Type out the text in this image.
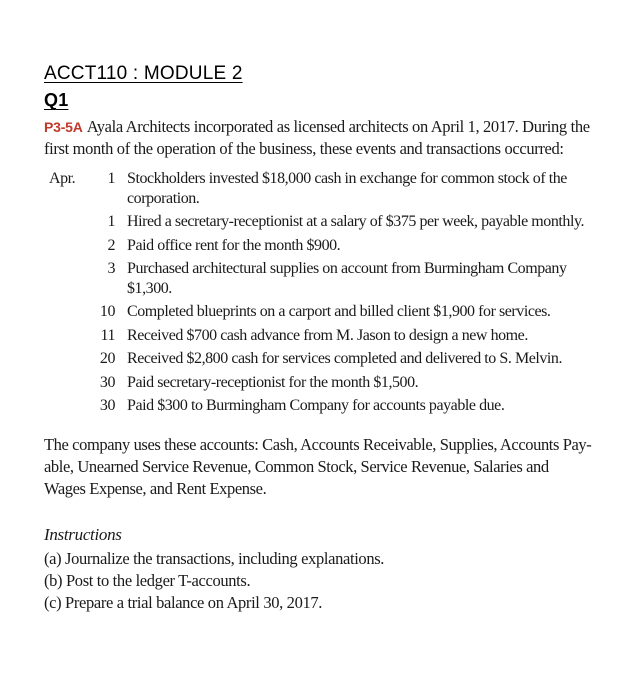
ACCT110 : MODULE 2
Q1
P3-5A Ayala Architects incorporated as licensed architects on April 1, 2017. During the first month of the operation of the business, these events and transactions occurred:
Apr.	1	Stockholders invested $18,000 cash in exchange for common stock of the corporation.
	1	Hired a secretary-receptionist at a salary of $375 per week, payable monthly.
	2	Paid office rent for the month $900.
	3	Purchased architectural supplies on account from Burmingham Company $1,300.
	10	Completed blueprints on a carport and billed client $1,900 for services.
	11	Received $700 cash advance from M. Jason to design a new home.
	20	Received $2,800 cash for services completed and delivered to S. Melvin.
	30	Paid secretary-receptionist for the month $1,500.
	30	Paid $300 to Burmingham Company for accounts payable due.
The company uses these accounts: Cash, Accounts Receivable, Supplies, Accounts Pay-able, Unearned Service Revenue, Common Stock, Service Revenue, Salaries and Wages Expense, and Rent Expense.
Instructions
(a) Journalize the transactions, including explanations.
(b) Post to the ledger T-accounts.
(c) Prepare a trial balance on April 30, 2017.
